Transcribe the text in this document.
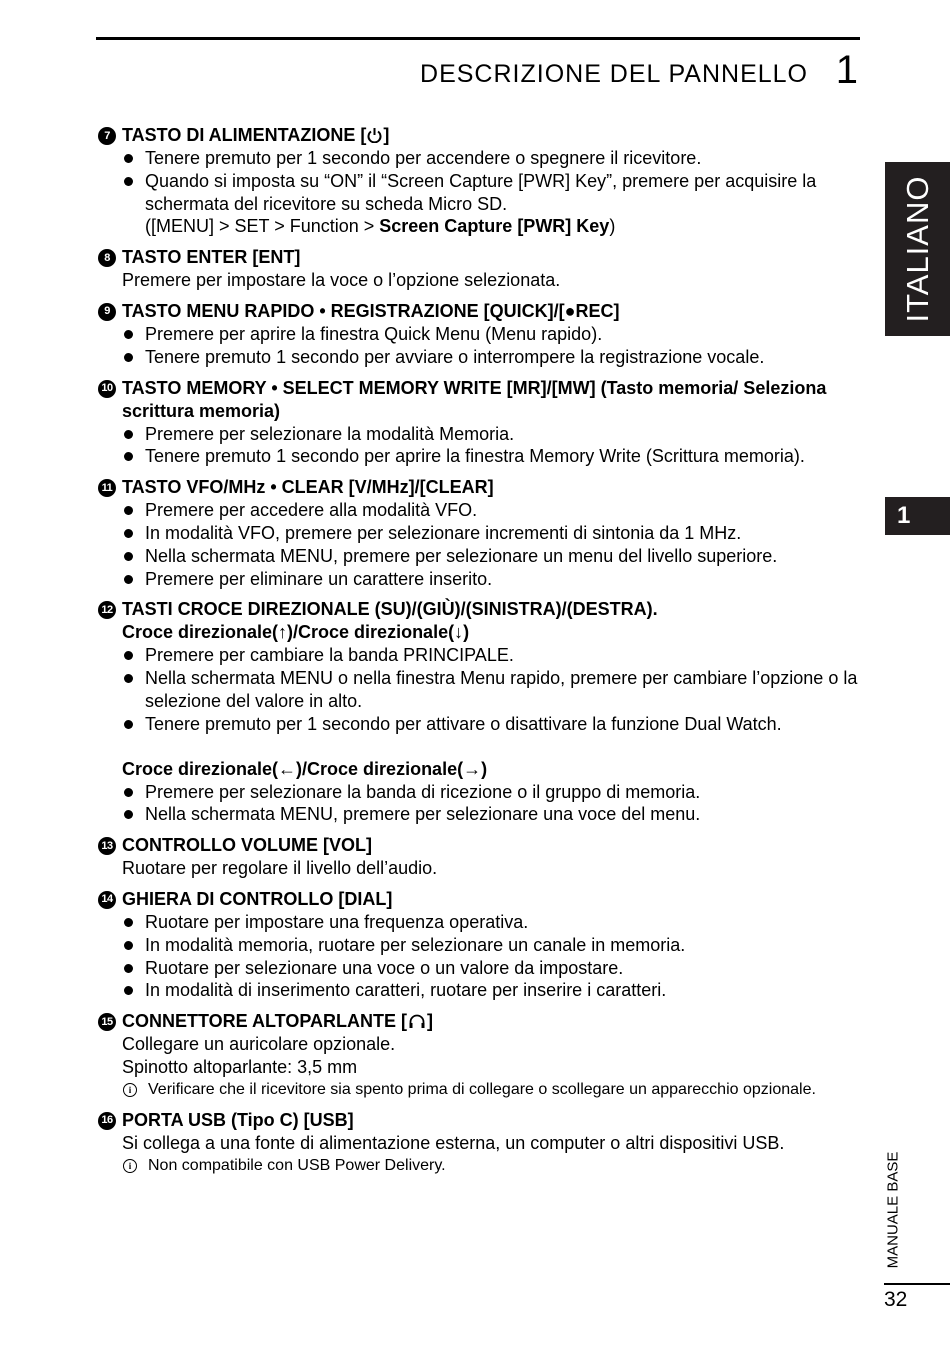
DESCRIZIONE DEL PANNELLO 1
ITALIANO
1
MANUALE BASE
32
7 TASTO DI ALIMENTAZIONE [ ]
Tenere premuto per 1 secondo per accendere o spegnere il ricevitore.
Quando si imposta su “ON” il “Screen Capture [PWR] Key”, premere per acquisire la schermata del ricevitore su scheda Micro SD.
([MENU] > SET > Function > Screen Capture [PWR] Key)
8 TASTO ENTER [ENT]
Premere per impostare la voce o l’opzione selezionata.
9 TASTO MENU RAPIDO • REGISTRAZIONE [QUICK]/[●REC]
Premere per aprire la finestra Quick Menu (Menu rapido).
Tenere premuto 1 secondo per avviare o interrompere la registrazione vocale.
10 TASTO MEMORY • SELECT MEMORY WRITE [MR]/[MW] (Tasto memoria/ Seleziona scrittura memoria)
Premere per selezionare la modalità Memoria.
Tenere premuto 1 secondo per aprire la finestra Memory Write (Scrittura memoria).
11 TASTO VFO/MHz • CLEAR [V/MHz]/[CLEAR]
Premere per accedere alla modalità VFO.
In modalità VFO, premere per selezionare incrementi di sintonia da 1 MHz.
Nella schermata MENU, premere per selezionare un menu del livello superiore.
Premere per eliminare un carattere inserito.
12 TASTI CROCE DIREZIONALE (SU)/(GIÙ)/(SINISTRA)/(DESTRA).
Croce direzionale(↑)/Croce direzionale(↓)
Premere per cambiare la banda PRINCIPALE.
Nella schermata MENU o nella finestra Menu rapido, premere per cambiare l’opzione o la selezione del valore in alto.
Tenere premuto per 1 secondo per attivare o disattivare la funzione Dual Watch.
Croce direzionale(←)/Croce direzionale(→)
Premere per selezionare la banda di ricezione o il gruppo di memoria.
Nella schermata MENU, premere per selezionare una voce del menu.
13 CONTROLLO VOLUME [VOL]
Ruotare per regolare il livello dell’audio.
14 GHIERA DI CONTROLLO [DIAL]
Ruotare per impostare una frequenza operativa.
In modalità memoria, ruotare per selezionare un canale in memoria.
Ruotare per selezionare una voce o un valore da impostare.
In modalità di inserimento caratteri, ruotare per inserire i caratteri.
15 CONNETTORE ALTOPARLANTE [ ]
Collegare un auricolare opzionale.
Spinotto altoparlante: 3,5 mm
i	Verificare che il ricevitore sia spento prima di collegare o scollegare un apparecchio opzionale.
16 PORTA USB (Tipo C) [USB]
Si collega a una fonte di alimentazione esterna, un computer o altri dispositivi USB.
i	Non compatibile con USB Power Delivery.
